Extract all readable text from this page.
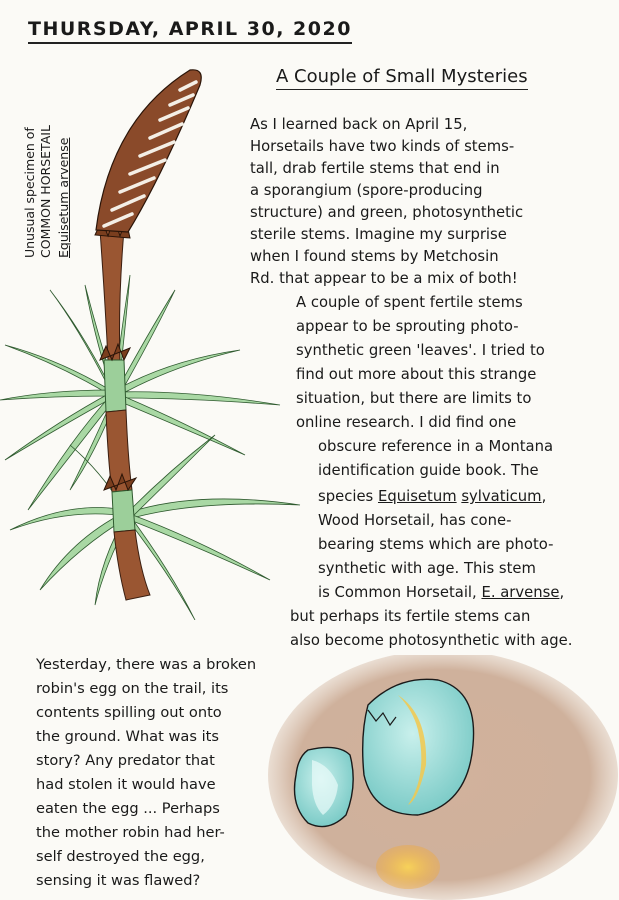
THURSDAY, APRIL 30, 2020
A Couple of Small Mysteries
Unusual specimen of COMMON HORSETAIL Equisetum arvense
As I learned back on April 15,
Horsetails have two kinds of stems-
tall, drab fertile stems that end in
a sporangium (spore-producing
structure) and green, photosynthetic
sterile stems. Imagine my surprise
when I found stems by Metchosin
Rd. that appear to be a mix of both!
A couple of spent fertile stems
appear to be sprouting photo-
synthetic green 'leaves'. I tried to
find out more about this strange
situation, but there are limits to
online research. I did find one
obscure reference in a Montana
identification guide book. The
species Equisetum sylvaticum,
Wood Horsetail, has cone-
bearing stems which are photo-
synthetic with age. This stem
is Common Horsetail, E. arvense,
but perhaps its fertile stems can
also become photosynthetic with age.
Yesterday, there was a broken
robin's egg on the trail, its
contents spilling out onto
the ground. What was its
story? Any predator that
had stolen it would have
eaten the egg ... Perhaps
the mother robin had her-
self destroyed the egg,
sensing it was flawed?
